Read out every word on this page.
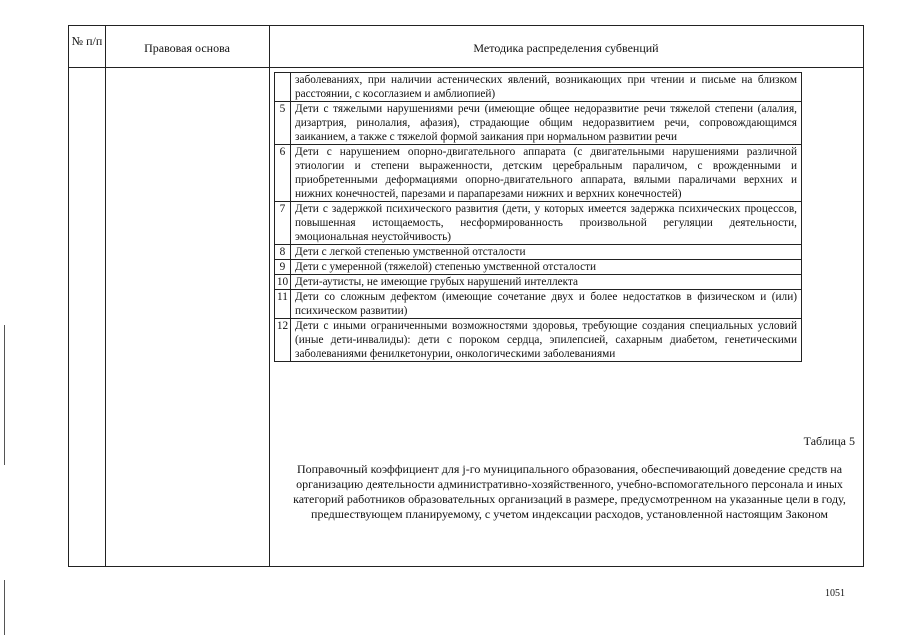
№ п/п	Правовая основа	Методика распределения субвенций
	заболеваниях, при наличии астенических явлений, возникающих при чтении и письме на близком расстоянии, с косоглазием и амблиопией)
5	Дети с тяжелыми нарушениями речи (имеющие общее недоразвитие речи тяжелой степени (алалия, дизартрия, ринолалия, афазия), страдающие общим недоразвитием речи, сопровождающимся заиканием, а также с тяжелой формой заикания при нормальном развитии речи
6	Дети с нарушением опорно-двигательного аппарата (с двигательными нарушениями различной этиологии и степени выраженности, детским церебральным параличом, с врожденными и приобретенными деформациями опорно-двигательного аппарата, вялыми параличами верхних и нижних конечностей, парезами и парапарезами нижних и верхних конечностей)
7	Дети с задержкой психического развития (дети, у которых имеется задержка психических процессов, повышенная истощаемость, несформированность произвольной регуляции деятельности, эмоциональная неустойчивость)
8	Дети с легкой степенью умственной отсталости
9	Дети с умеренной (тяжелой) степенью умственной отсталости
10	Дети-аутисты, не имеющие грубых нарушений интеллекта
11	Дети со сложным дефектом (имеющие сочетание двух и более недостатков в физическом и (или) психическом развитии)
12	Дети с иными ограниченными возможностями здоровья, требующие создания специальных условий (иные дети-инвалиды): дети с пороком сердца, эпилепсией, сахарным диабетом, генетическими заболеваниями фенилкетонурии, онкологическими заболеваниями
Таблица 5
Поправочный коэффициент для j-го муниципального образования, обеспечивающий доведение средств на организацию деятельности административно-хозяйственного, учебно-вспомогательного персонала и иных категорий работников образовательных организаций в размере, предусмотренном на указанные цели в году, предшествующем планируемому, с учетом индексации расходов, установленной настоящим Законом
1051
